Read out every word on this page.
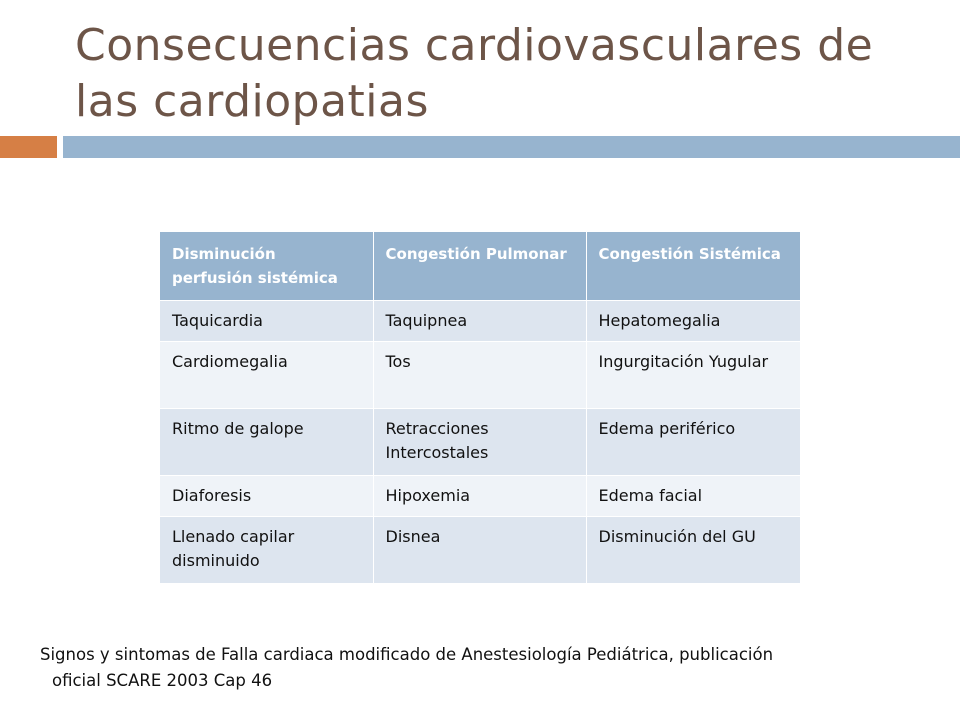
Consecuencias cardiovasculares de las cardiopatias
Disminución perfusión sistémica	Congestión Pulmonar	Congestión Sistémica
Taquicardia	Taquipnea	Hepatomegalia
Cardiomegalia	Tos	Ingurgitación Yugular
Ritmo de galope	Retracciones Intercostales	Edema periférico
Diaforesis	Hipoxemia	Edema facial
Llenado capilar disminuido	Disnea	Disminución del GU
Signos y sintomas de Falla cardiaca modificado de Anestesiología Pediátrica, publicación
oficial SCARE 2003 Cap 46
